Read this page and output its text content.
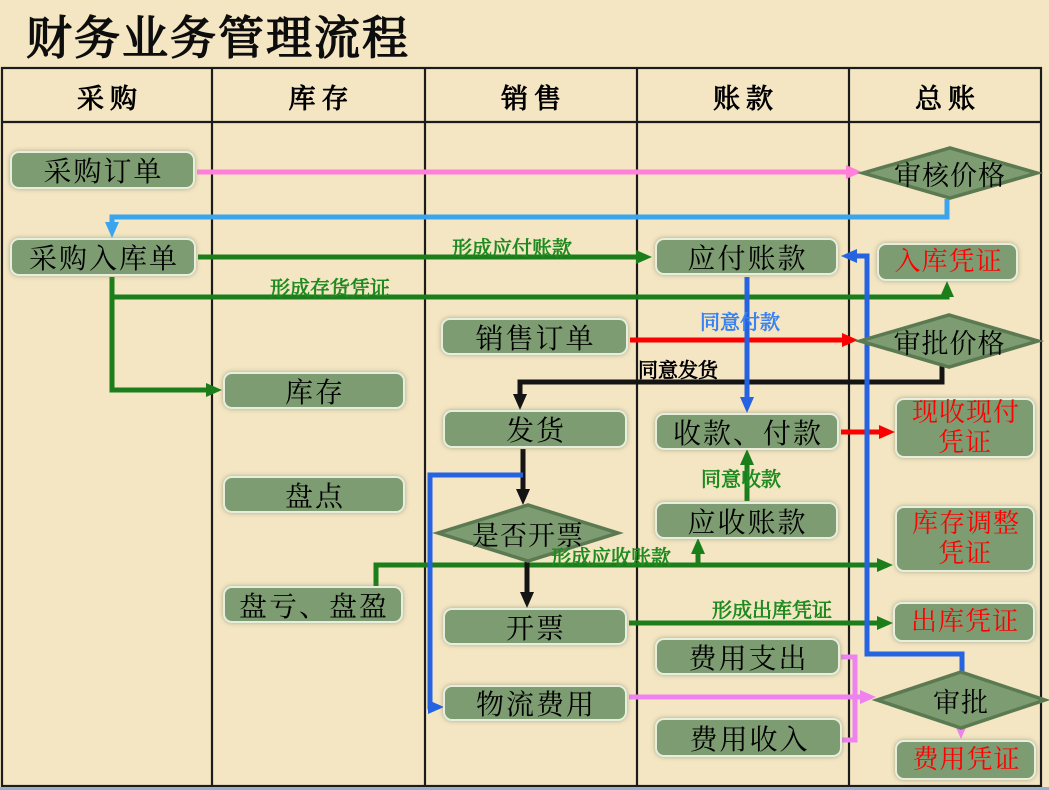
财务业务管理流程
采购	库存	销售	账款	总账
采购订单
采购入库单	应付账款	入库凭证
销售订单
库存
发货	收款、付款
现收现付凭证
盘点
应收账款	库存调整凭证
盘亏、盘盈
开票	出库凭证
费用支出
物流费用
费用收入
费用凭证
审核价格
审批价格
是否开票
审批
形成应付账款
形成存货凭证
同意付款
同意发货
同意收款
形成应收账款
形成出库凭证
